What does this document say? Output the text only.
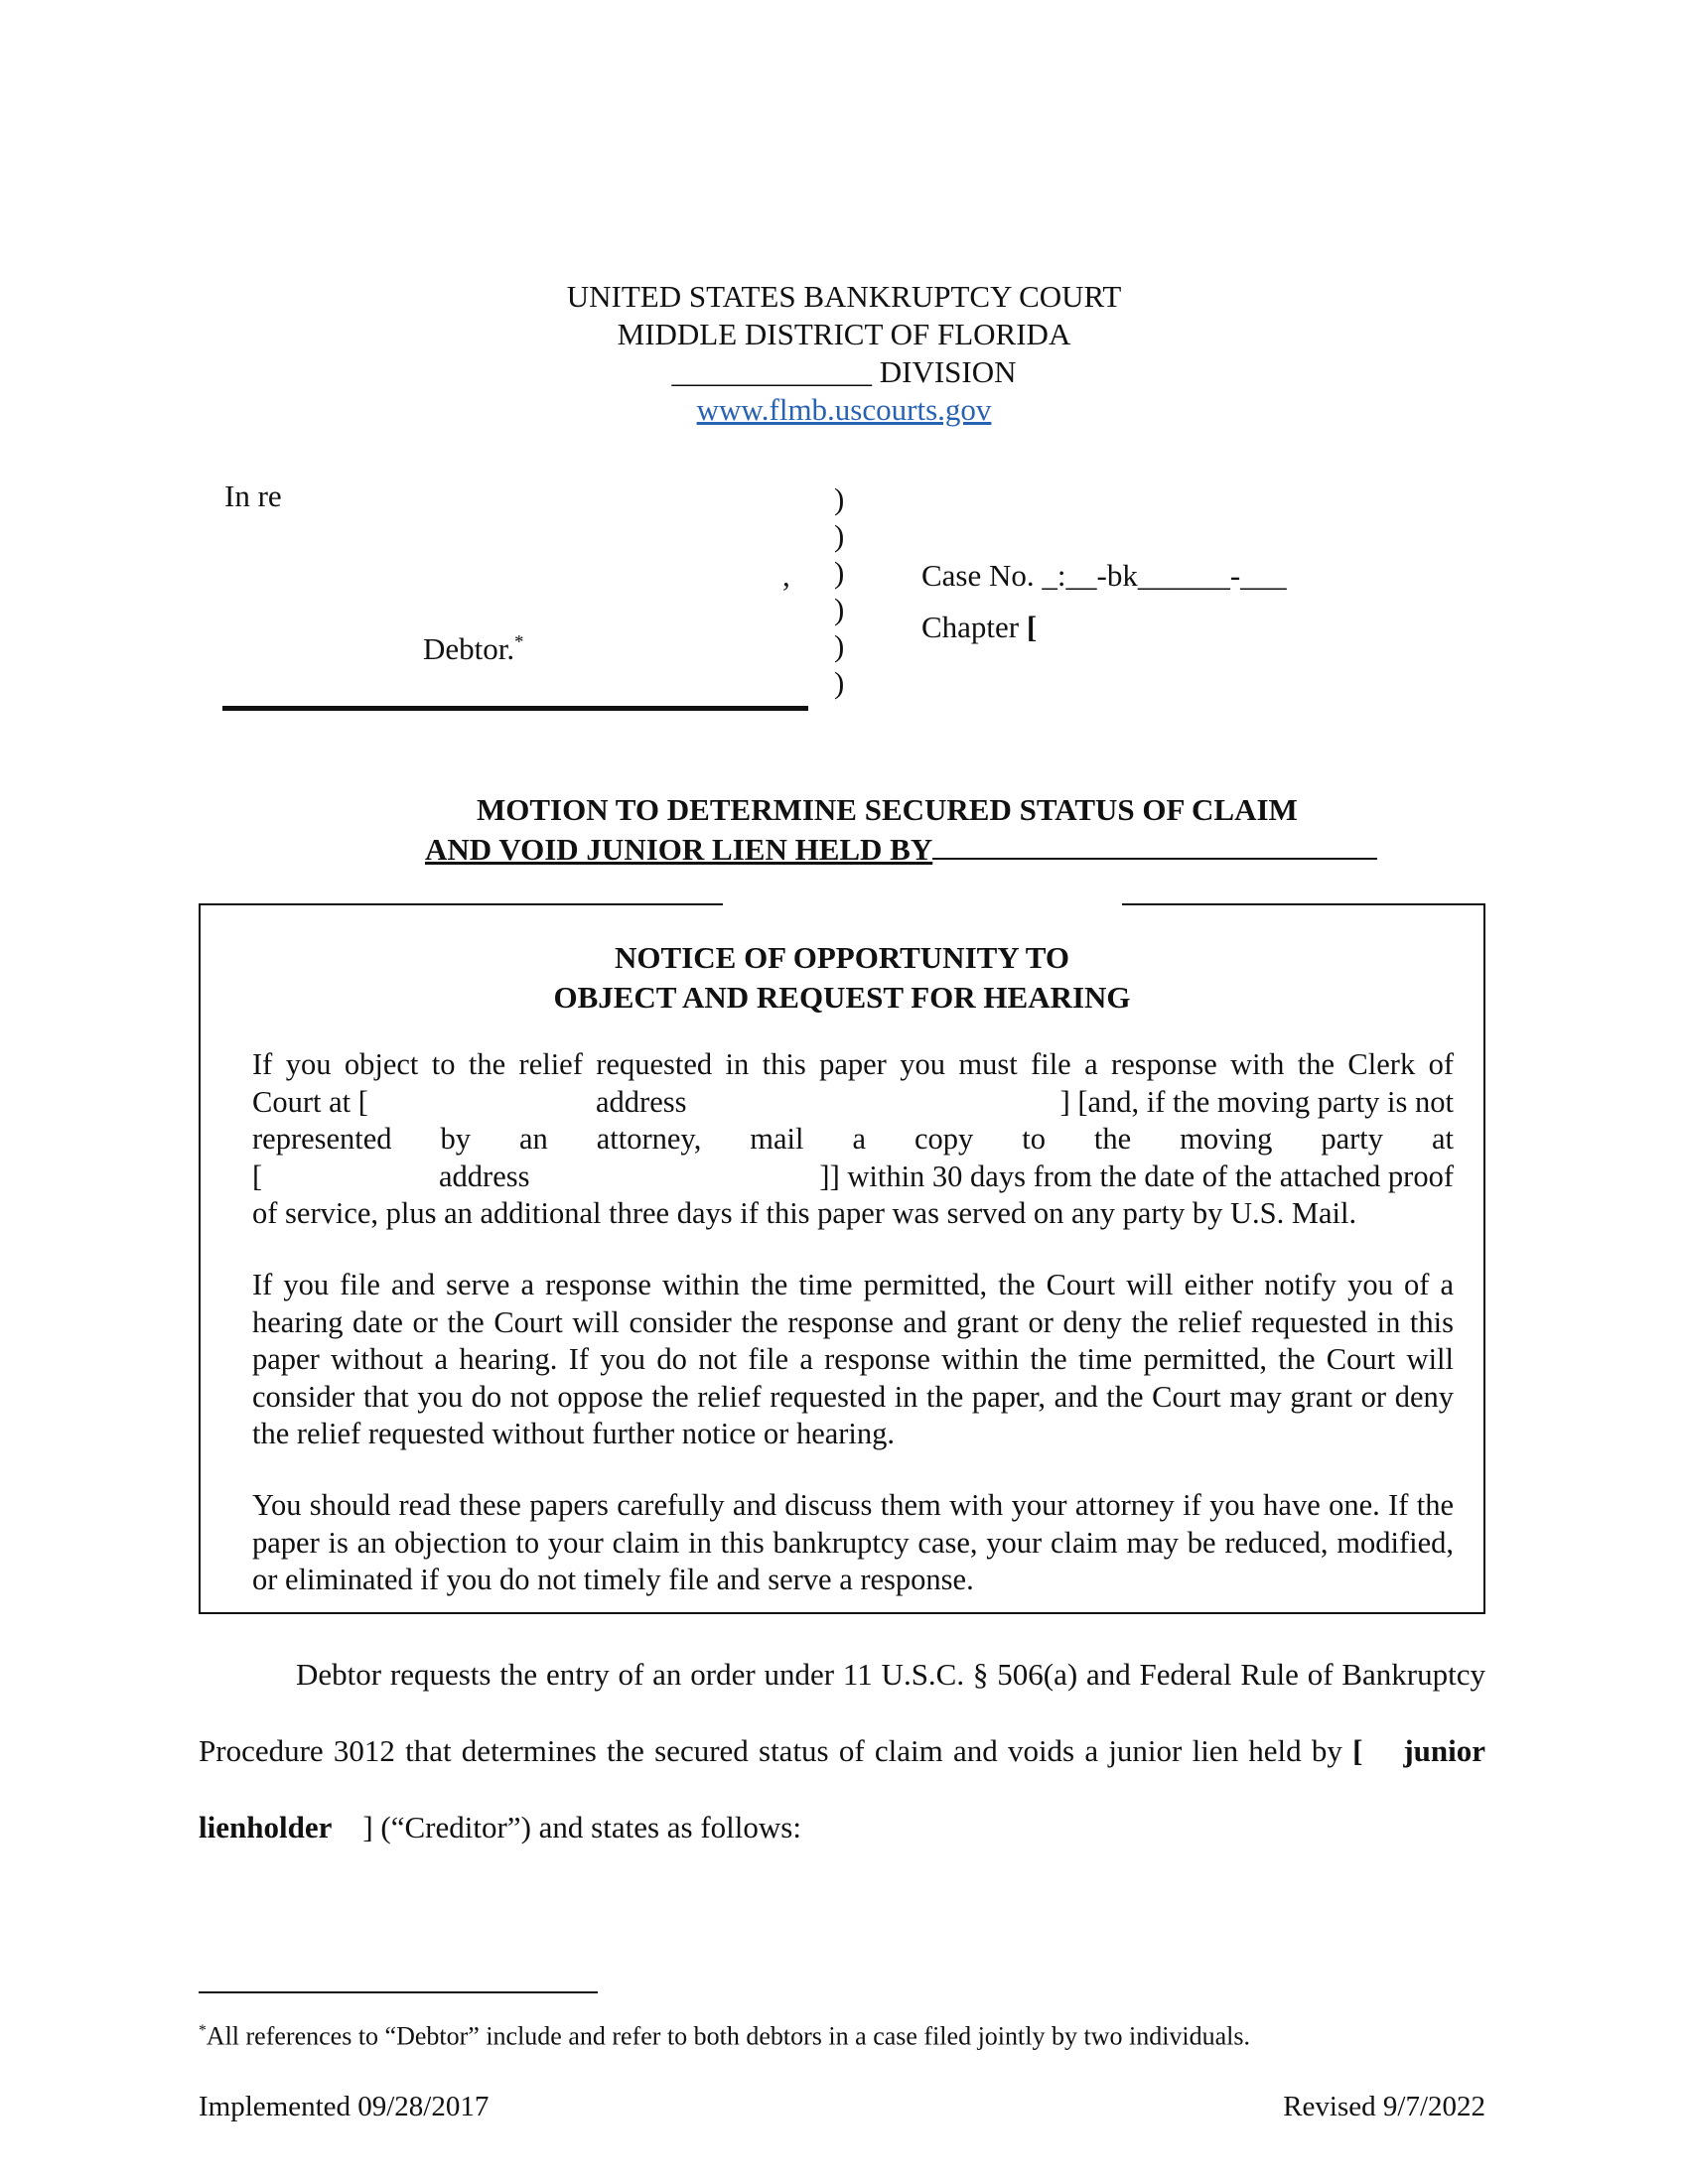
UNITED STATES BANKRUPTCY COURT
MIDDLE DISTRICT OF FLORIDA
_____________ DIVISION
www.flmb.uscourts.gov
In re
,
Debtor.*
)
)
)
)
)
)
Case No. _:__-bk______-___
Chapter [
MOTION TO DETERMINE SECURED STATUS OF CLAIM
AND VOID JUNIOR LIEN HELD BY
NOTICE OF OPPORTUNITY TO
OBJECT AND REQUEST FOR HEARING
If you object to the relief requested in this paper you must file a response with the Clerk of
Court at [	address	] [and, if the moving party is not
represented by an attorney, mail a copy to the moving party at
[	address	]] within 30 days from the date of the attached proof
of service, plus an additional three days if this paper was served on any party by U.S. Mail.
If you file and serve a response within the time permitted, the Court will either notify you of a hearing date or the Court will consider the response and grant or deny the relief requested in this paper without a hearing. If you do not file a response within the time permitted, the Court will consider that you do not oppose the relief requested in the paper, and the Court may grant or deny the relief requested without further notice or hearing.
You should read these papers carefully and discuss them with your attorney if you have one. If the paper is an objection to your claim in this bankruptcy case, your claim may be reduced, modified, or eliminated if you do not timely file and serve a response.
Debtor requests the entry of an order under 11 U.S.C. § 506(a) and Federal Rule of Bankruptcy Procedure 3012 that determines the secured status of claim and voids a junior lien held by [ junior lienholder ] (“Creditor”) and states as follows:
*All references to “Debtor” include and refer to both debtors in a case filed jointly by two individuals.
Implemented 09/28/2017	Revised 9/7/2022
